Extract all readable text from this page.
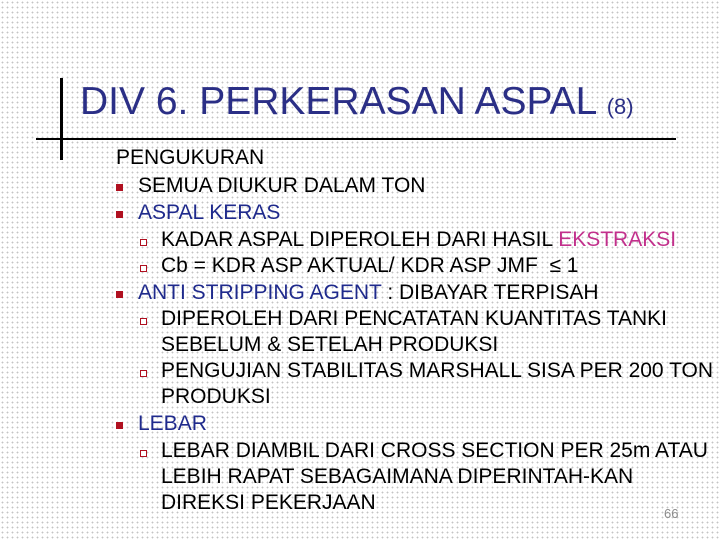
DIV 6. PERKERASAN ASPAL (8)
PENGUKURAN
SEMUA DIUKUR DALAM TON
ASPAL KERAS
KADAR ASPAL DIPEROLEH DARI HASIL EKSTRAKSI
Cb = KDR ASP AKTUAL/ KDR ASP JMF  ≤ 1
ANTI STRIPPING AGENT : DIBAYAR TERPISAH
DIPEROLEH DARI PENCATATAN KUANTITAS TANKI SEBELUM & SETELAH PRODUKSI
PENGUJIAN STABILITAS MARSHALL SISA PER 200 TON PRODUKSI
LEBAR
LEBAR DIAMBIL DARI CROSS SECTION PER 25m ATAU LEBIH RAPAT SEBAGAIMANA DIPERINTAH-KAN DIREKSI PEKERJAAN	66
